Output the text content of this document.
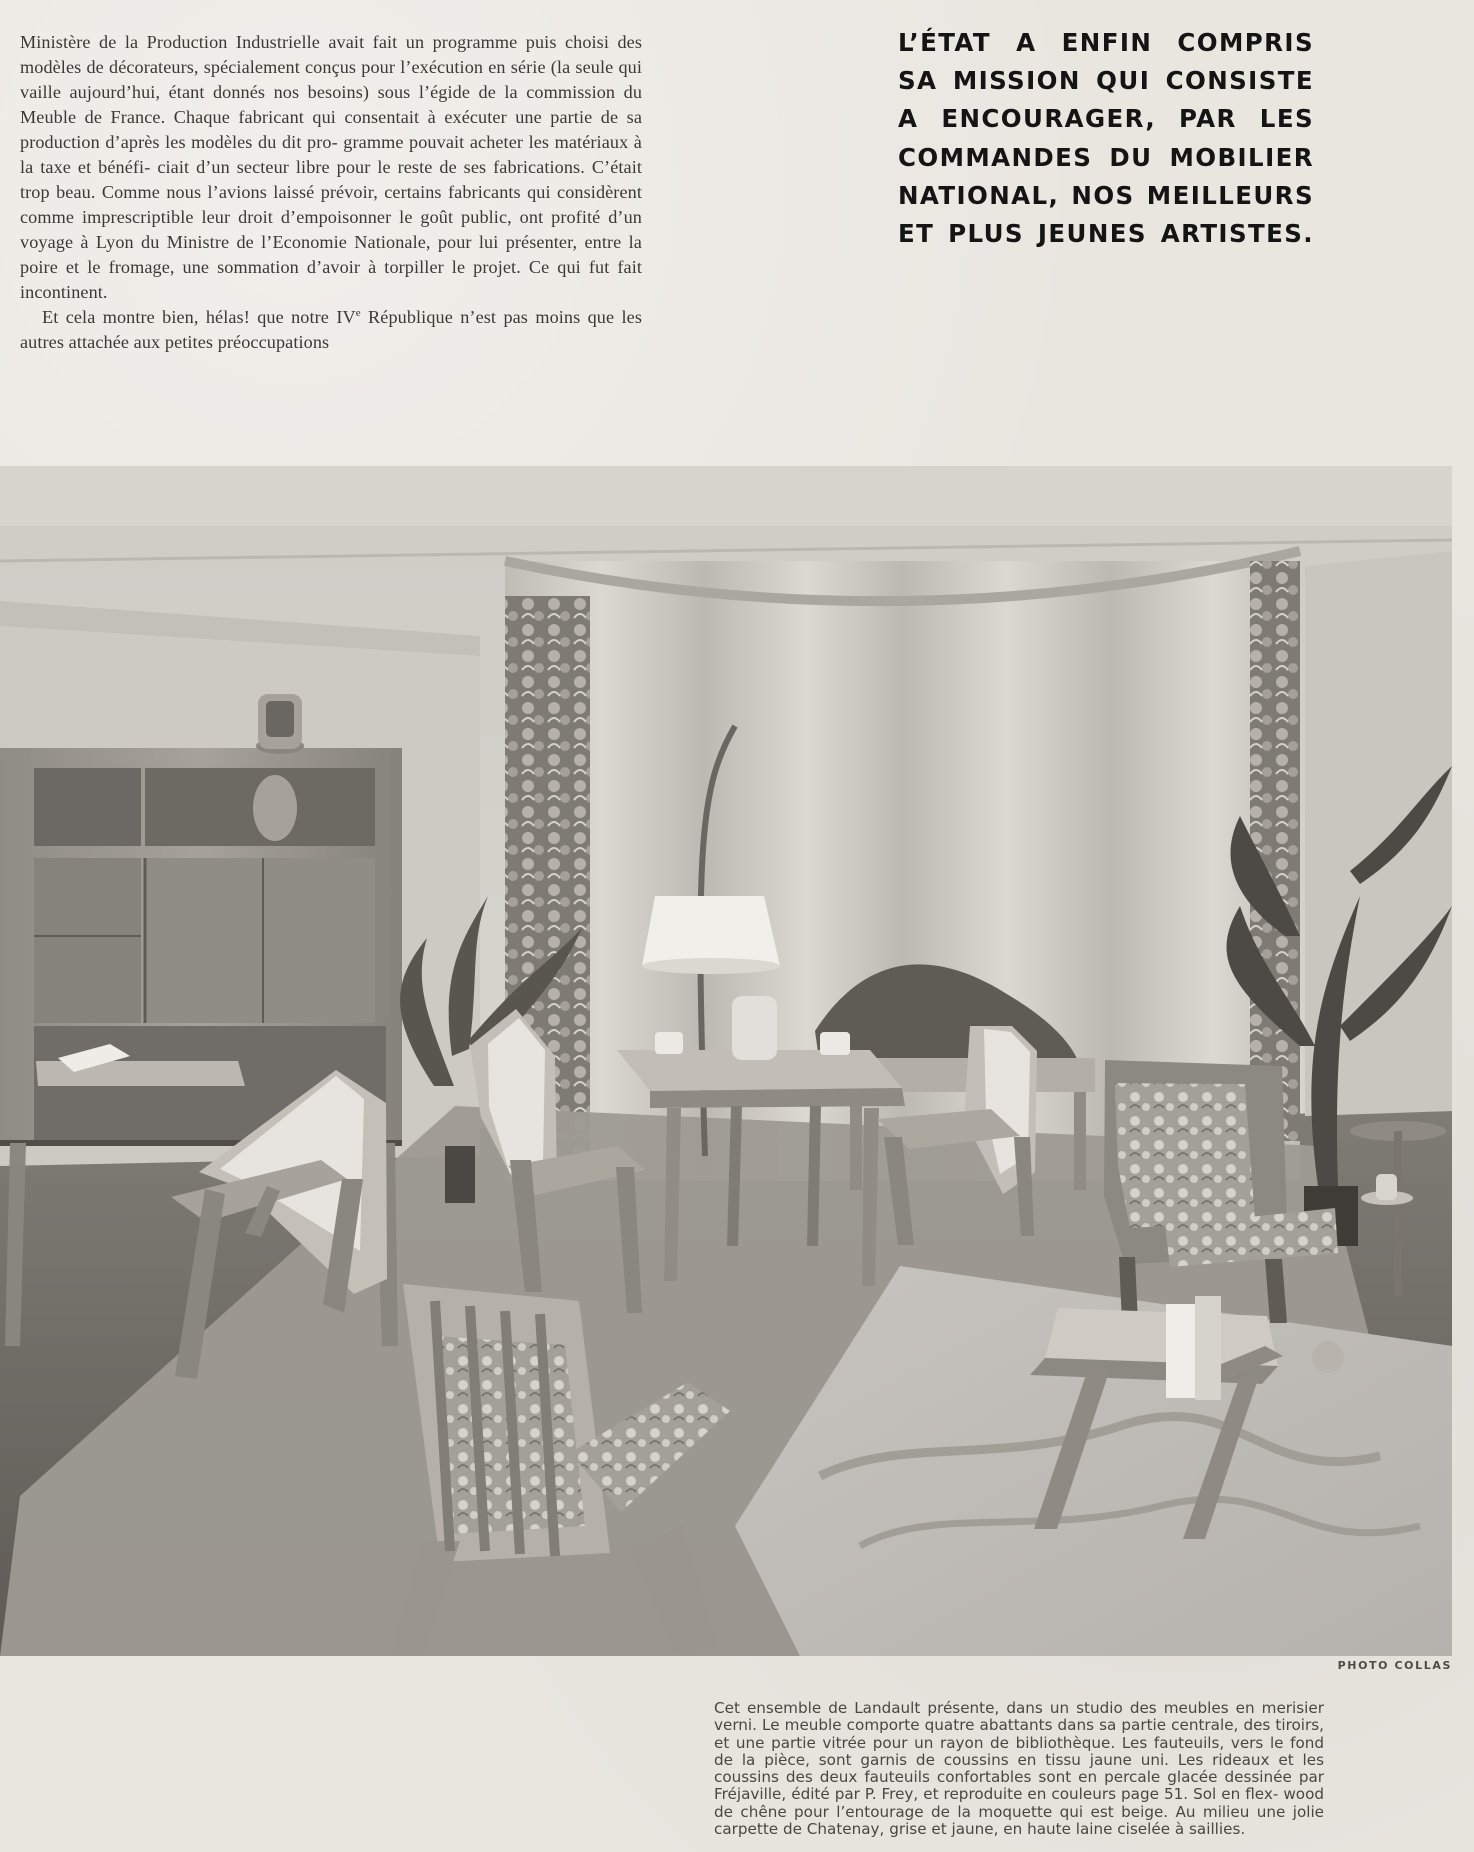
Ministère de la Production Industrielle avait fait un programme puis choisi des modèles de décorateurs, spécialement conçus pour l’exécution en série (la seule qui vaille aujourd’hui, étant donnés nos besoins) sous l’égide de la commission du Meuble de France. Chaque fabricant qui consentait à exécuter une partie de sa production d’après les modèles du dit pro- gramme pouvait acheter les matériaux à la taxe et bénéfi- ciait d’un secteur libre pour le reste de ses fabrications. C’était trop beau. Comme nous l’avions laissé prévoir, certains fabricants qui considèrent comme imprescriptible leur droit d’empoisonner le goût public, ont profité d’un voyage à Lyon du Ministre de l’Economie Nationale, pour lui présenter, entre la poire et le fromage, une sommation d’avoir à torpiller le projet. Ce qui fut fait incontinent.

Et cela montre bien, hélas! que notre IVe République n’est pas moins que les autres attachée aux petites préoccupations

L’ÉTAT A ENFIN COMPRIS SA MISSION QUI CONSISTE A ENCOURAGER, PAR LES COMMANDES DU MOBILIER NATIONAL, NOS MEILLEURS ET PLUS JEUNES ARTISTES.
PHOTO COLLAS
Cet ensemble de Landault présente, dans un studio des meubles en merisier verni. Le meuble comporte quatre abattants dans sa partie centrale, des tiroirs, et une partie vitrée pour un rayon de bibliothèque. Les fauteuils, vers le fond de la pièce, sont garnis de coussins en tissu jaune uni. Les rideaux et les coussins des deux fauteuils confortables sont en percale glacée dessinée par Fréjaville, édité par P. Frey, et reproduite en couleurs page 51. Sol en flex- wood de chêne pour l’entourage de la moquette qui est beige. Au milieu une jolie carpette de Chatenay, grise et jaune, en haute laine ciselée à saillies.
